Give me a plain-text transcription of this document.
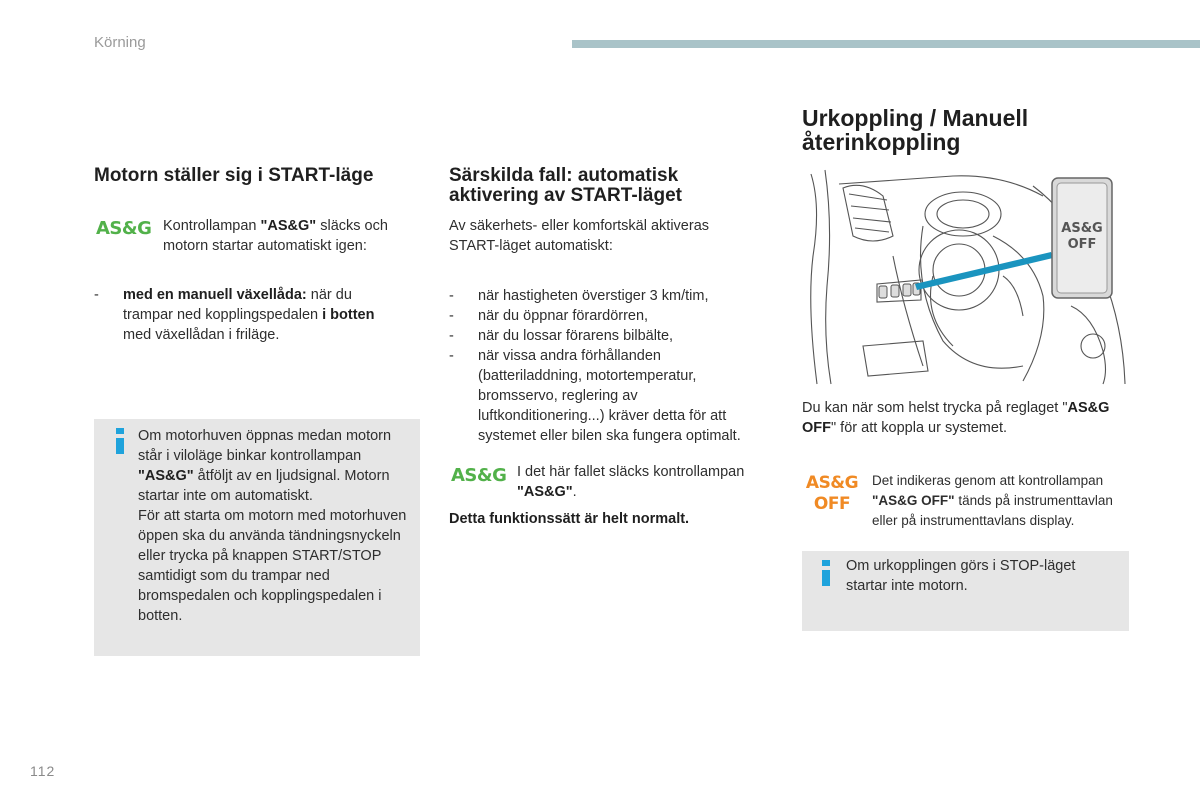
Körning
Motorn ställer sig i START-läge
AS&G Kontrollampan "AS&G" släcks och motorn startar automatiskt igen:
- med en manuell växellåda: när du trampar ned kopplingspedalen i botten med växellådan i friläge.
Om motorhuven öppnas medan motorn står i viloläge binkar kontrollampan "AS&G" åtföljt av en ljudsignal. Motorn startar inte om automatiskt.
För att starta om motorn med motorhuven öppen ska du använda tändningsnyckeln eller trycka på knappen START/STOP samtidigt som du trampar ned bromspedalen och kopplingspedalen i botten.
Särskilda fall: automatisk aktivering av START-läget
Av säkerhets- eller komfortskäl aktiveras START-läget automatiskt:
- när hastigheten överstiger 3 km/tim,
- när du öppnar förardörren,
- när du lossar förarens bilbälte,
- när vissa andra förhållanden (batteriladdning, motortemperatur, bromsservo, reglering av luftkonditionering...) kräver detta för att systemet eller bilen ska fungera optimalt.
AS&G I det här fallet släcks kontrollampan "AS&G".
Detta funktionssätt är helt normalt.
Urkoppling / Manuell återinkoppling
AS&G
OFF
Du kan när som helst trycka på reglaget "AS&G OFF" för att koppla ur systemet.
AS&G
OFF
Det indikeras genom att kontrollampan "AS&G OFF" tänds på instrumenttavlan eller på instrumenttavlans display.
Om urkopplingen görs i STOP-läget startar inte motorn.
112
